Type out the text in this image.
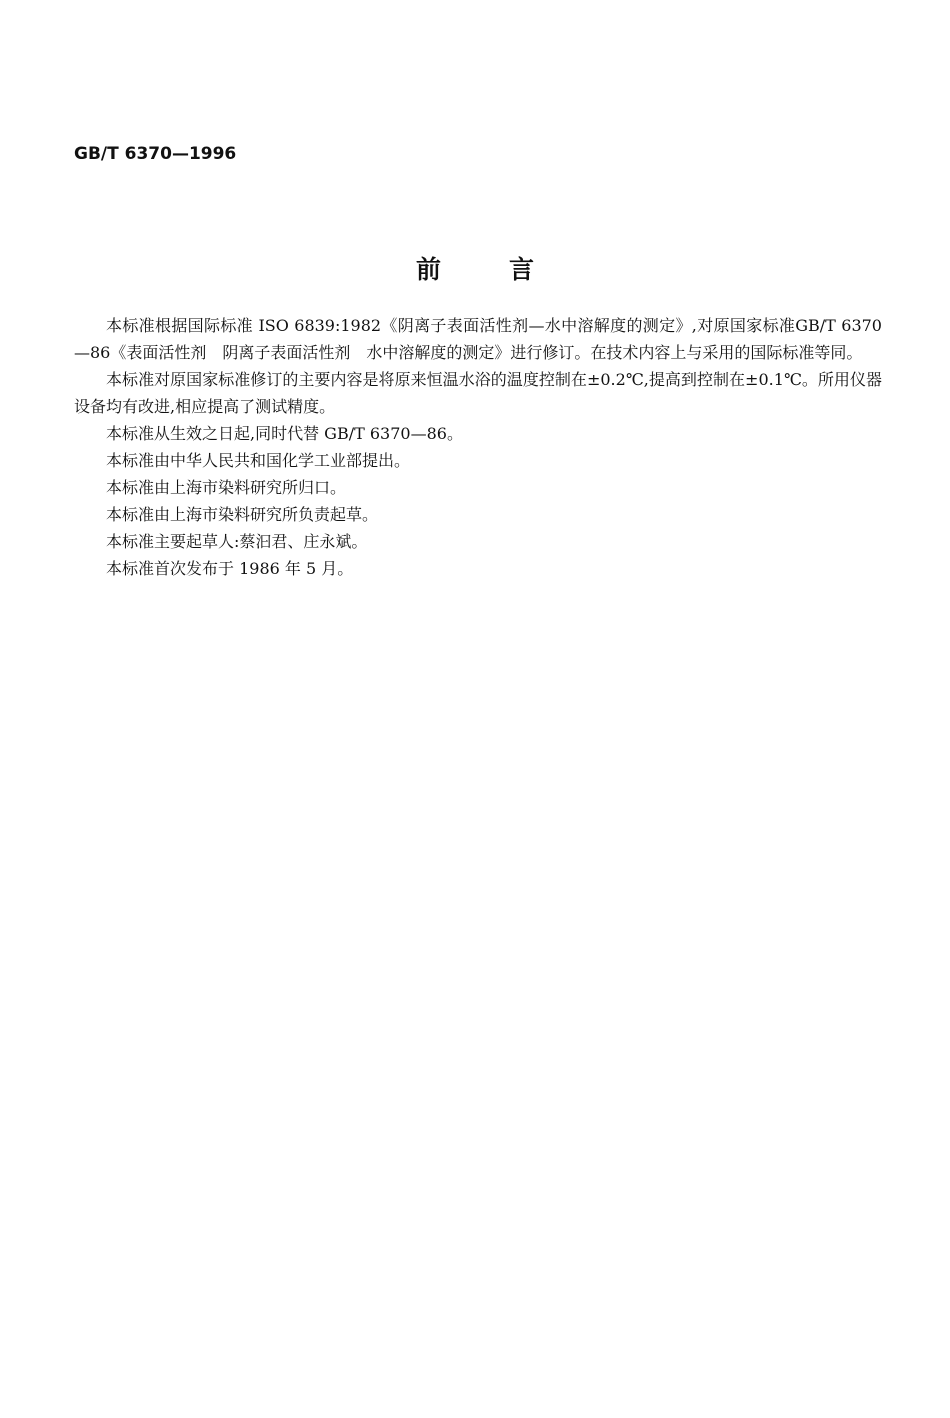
GB/T 6370—1996
前	言

本标准根据国际标准 ISO 6839:1982《阴离子表面活性剂—水中溶解度的测定》,对原国家标准GB/T 6370—86《表面活性剂　阴离子表面活性剂　水中溶解度的测定》进行修订。在技术内容上与采用的国际标准等同。

本标准对原国家标准修订的主要内容是将原来恒温水浴的温度控制在±0.2℃,提高到控制在±0.1℃。所用仪器设备均有改进,相应提高了测试精度。

本标准从生效之日起,同时代替 GB/T 6370—86。

本标准由中华人民共和国化学工业部提出。

本标准由上海市染料研究所归口。

本标准由上海市染料研究所负责起草。

本标准主要起草人:蔡汩君、庄永斌。

本标准首次发布于 1986 年 5 月。
